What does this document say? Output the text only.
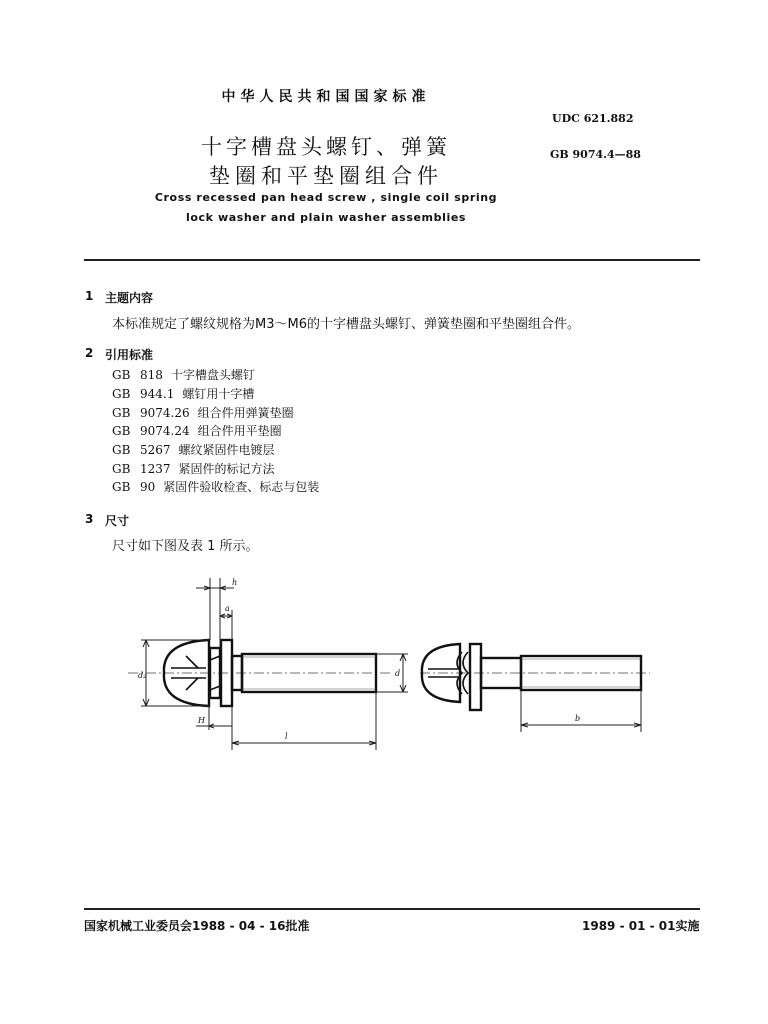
中华人民共和国国家标准
UDC 621.882
GB 9074.4—88
十字槽盘头螺钉、弹簧
垫圈和平垫圈组合件
Cross recessed pan head screw , single coil spring
lock washer and plain washer assemblies
1 主题内容
本标准规定了螺纹规格为M3～M6的十字槽盘头螺钉、弹簧垫圈和平垫圈组合件。
2 引用标准
GB 818 十字槽盘头螺钉
GB 944.1 螺钉用十字槽
GB 9074.26 组合件用弹簧垫圈
GB 9074.24 组合件用平垫圈
GB 5267 螺纹紧固件电镀层
GB 1237 紧固件的标记方法
GB 90 紧固件验收检查、标志与包装
3 尺寸
尺寸如下图及表 1 所示。
d₂	d
h
a
H
l
b
国家机械工业委员会1988 - 04 - 16批准	1989 - 01 - 01实施
